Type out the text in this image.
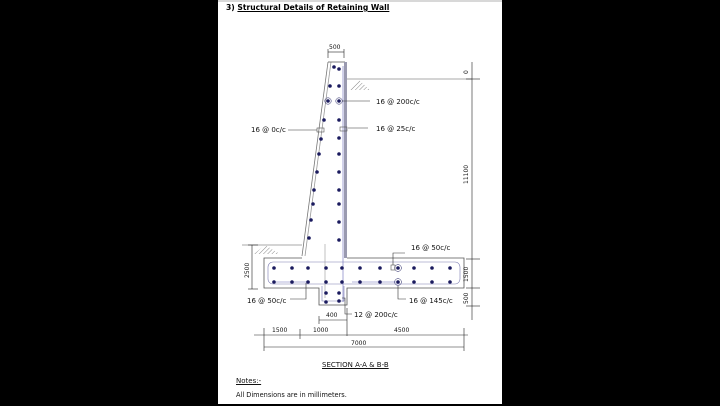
3) Structural Details of Retaining Wall
500
16 @ 200c/c
16 @ 0c/c	16 @ 25c/c
16 @ 50c/c
16 @ 50c/c	16 @ 145c/c
12 @ 200c/c
0
11100
1500
500
2500
400
1500	1000	4500
7000
SECTION A-A & B-B
Notes:-
All Dimensions are in millimeters.
